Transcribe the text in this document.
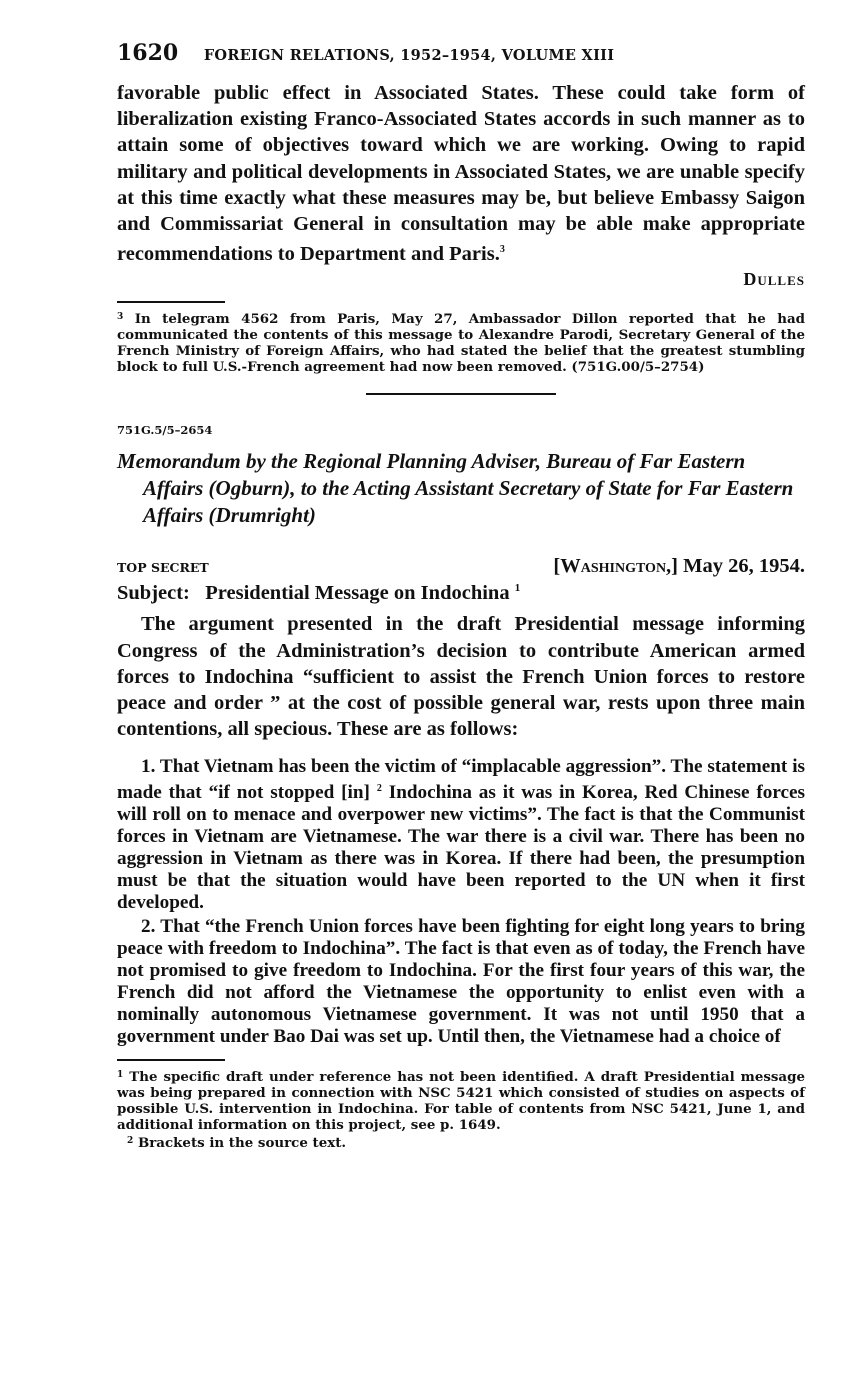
1620 FOREIGN RELATIONS, 1952–1954, VOLUME XIII

favorable public effect in Associated States. These could take form of liberalization existing Franco-Associated States accords in such manner as to attain some of objectives toward which we are working. Owing to rapid military and political developments in Associated States, we are unable specify at this time exactly what these measures may be, but believe Embassy Saigon and Commissariat General in consultation may be able make appropriate recommendations to Department and Paris.$^3$

Dulles

$^3$ In telegram 4562 from Paris, May 27, Ambassador Dillon reported that he had communicated the contents of this message to Alexandre Parodi, Secretary General of the French Ministry of Foreign Affairs, who had stated the belief that the greatest stumbling block to full U.S.-French agreement had now been removed. (751G.00/5–2754)

751G.5/5–2654
Memorandum by the Regional Planning Adviser, Bureau of Far Eastern Affairs (Ogburn), to the Acting Assistant Secretary of State for Far Eastern Affairs (Drumright)
TOP SECRET	[Washington,] May 26, 1954.
Subject: Presidential Message on Indochina $^1$

The argument presented in the draft Presidential message informing Congress of the Administration’s decision to contribute American armed forces to Indochina “sufficient to assist the French Union forces to restore peace and order ” at the cost of possible general war, rests upon three main contentions, all specious. These are as follows:

1. That Vietnam has been the victim of “implacable aggression”. The statement is made that “if not stopped [in] $^2$ Indochina as it was in Korea, Red Chinese forces will roll on to menace and overpower new victims”. The fact is that the Communist forces in Vietnam are Vietnamese. The war there is a civil war. There has been no aggression in Vietnam as there was in Korea. If there had been, the presumption must be that the situation would have been reported to the UN when it first developed.

2. That “the French Union forces have been fighting for eight long years to bring peace with freedom to Indochina”. The fact is that even as of today, the French have not promised to give freedom to Indochina. For the first four years of this war, the French did not afford the Vietnamese the opportunity to enlist even with a nominally autonomous Vietnamese government. It was not until 1950 that a government under Bao Dai was set up. Until then, the Vietnamese had a choice of

$^1$ The specific draft under reference has not been identified. A draft Presidential message was being prepared in connection with NSC 5421 which consisted of studies on aspects of possible U.S. intervention in Indochina. For table of contents from NSC 5421, June 1, and additional information on this project, see p. 1649.

$^2$ Brackets in the source text.
